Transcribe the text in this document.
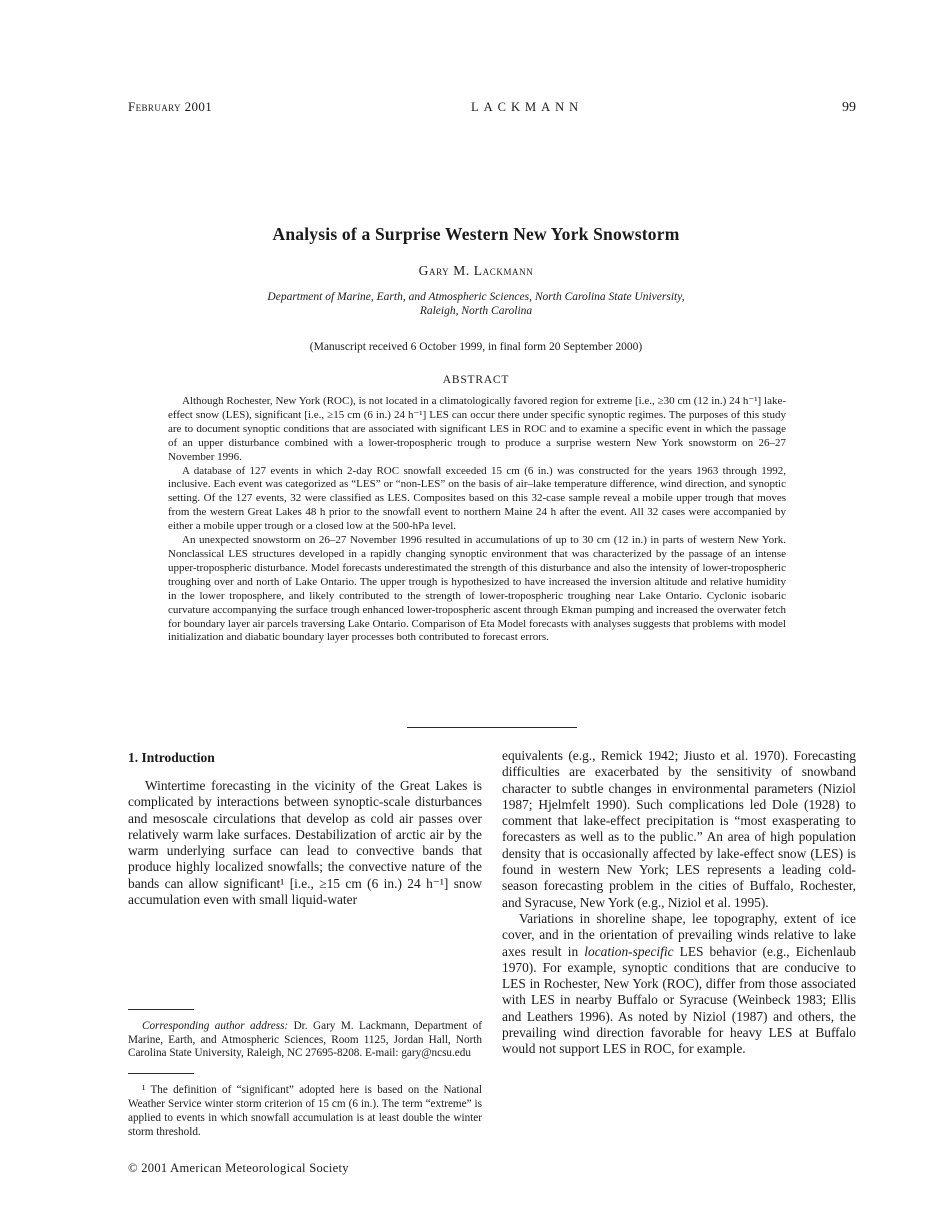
February 2001	LACKMANN	99
Analysis of a Surprise Western New York Snowstorm
Gary M. Lackmann
Department of Marine, Earth, and Atmospheric Sciences, North Carolina State University,
Raleigh, North Carolina
(Manuscript received 6 October 1999, in final form 20 September 2000)
ABSTRACT

Although Rochester, New York (ROC), is not located in a climatologically favored region for extreme [i.e., ≥30 cm (12 in.) 24 h⁻¹] lake-effect snow (LES), significant [i.e., ≥15 cm (6 in.) 24 h⁻¹] LES can occur there under specific synoptic regimes. The purposes of this study are to document synoptic conditions that are associated with significant LES in ROC and to examine a specific event in which the passage of an upper disturbance combined with a lower-tropospheric trough to produce a surprise western New York snowstorm on 26–27 November 1996.

A database of 127 events in which 2-day ROC snowfall exceeded 15 cm (6 in.) was constructed for the years 1963 through 1992, inclusive. Each event was categorized as “LES” or “non-LES” on the basis of air–lake temperature difference, wind direction, and synoptic setting. Of the 127 events, 32 were classified as LES. Composites based on this 32-case sample reveal a mobile upper trough that moves from the western Great Lakes 48 h prior to the snowfall event to northern Maine 24 h after the event. All 32 cases were accompanied by either a mobile upper trough or a closed low at the 500-hPa level.

An unexpected snowstorm on 26–27 November 1996 resulted in accumulations of up to 30 cm (12 in.) in parts of western New York. Nonclassical LES structures developed in a rapidly changing synoptic environment that was characterized by the passage of an intense upper-tropospheric disturbance. Model forecasts underestimated the strength of this disturbance and also the intensity of lower-tropospheric troughing over and north of Lake Ontario. The upper trough is hypothesized to have increased the inversion altitude and relative humidity in the lower troposphere, and likely contributed to the strength of lower-tropospheric troughing near Lake Ontario. Cyclonic isobaric curvature accompanying the surface trough enhanced lower-tropospheric ascent through Ekman pumping and increased the overwater fetch for boundary layer air parcels traversing Lake Ontario. Comparison of Eta Model forecasts with analyses suggests that problems with model initialization and diabatic boundary layer processes both contributed to forecast errors.

1. Introduction

Wintertime forecasting in the vicinity of the Great Lakes is complicated by interactions between synoptic-scale disturbances and mesoscale circulations that develop as cold air passes over relatively warm lake surfaces. Destabilization of arctic air by the warm underlying surface can lead to convective bands that produce highly localized snowfalls; the convective nature of the bands can allow significant¹ [i.e., ≥15 cm (6 in.) 24 h⁻¹] snow accumulation even with small liquid-water

Corresponding author address: Dr. Gary M. Lackmann, Department of Marine, Earth, and Atmospheric Sciences, Room 1125, Jordan Hall, North Carolina State University, Raleigh, NC 27695-8208. E-mail: gary@ncsu.edu

¹ The definition of “significant” adopted here is based on the National Weather Service winter storm criterion of 15 cm (6 in.). The term “extreme” is applied to events in which snowfall accumulation is at least double the winter storm threshold.

equivalents (e.g., Remick 1942; Jiusto et al. 1970). Forecasting difficulties are exacerbated by the sensitivity of snowband character to subtle changes in environmental parameters (Niziol 1987; Hjelmfelt 1990). Such complications led Dole (1928) to comment that lake-effect precipitation is “most exasperating to forecasters as well as to the public.” An area of high population density that is occasionally affected by lake-effect snow (LES) is found in western New York; LES represents a leading cold-season forecasting problem in the cities of Buffalo, Rochester, and Syracuse, New York (e.g., Niziol et al. 1995).

Variations in shoreline shape, lee topography, extent of ice cover, and in the orientation of prevailing winds relative to lake axes result in location-specific LES behavior (e.g., Eichenlaub 1970). For example, synoptic conditions that are conducive to LES in Rochester, New York (ROC), differ from those associated with LES in nearby Buffalo or Syracuse (Weinbeck 1983; Ellis and Leathers 1996). As noted by Niziol (1987) and others, the prevailing wind direction favorable for heavy LES at Buffalo would not support LES in ROC, for example.

© 2001 American Meteorological Society
